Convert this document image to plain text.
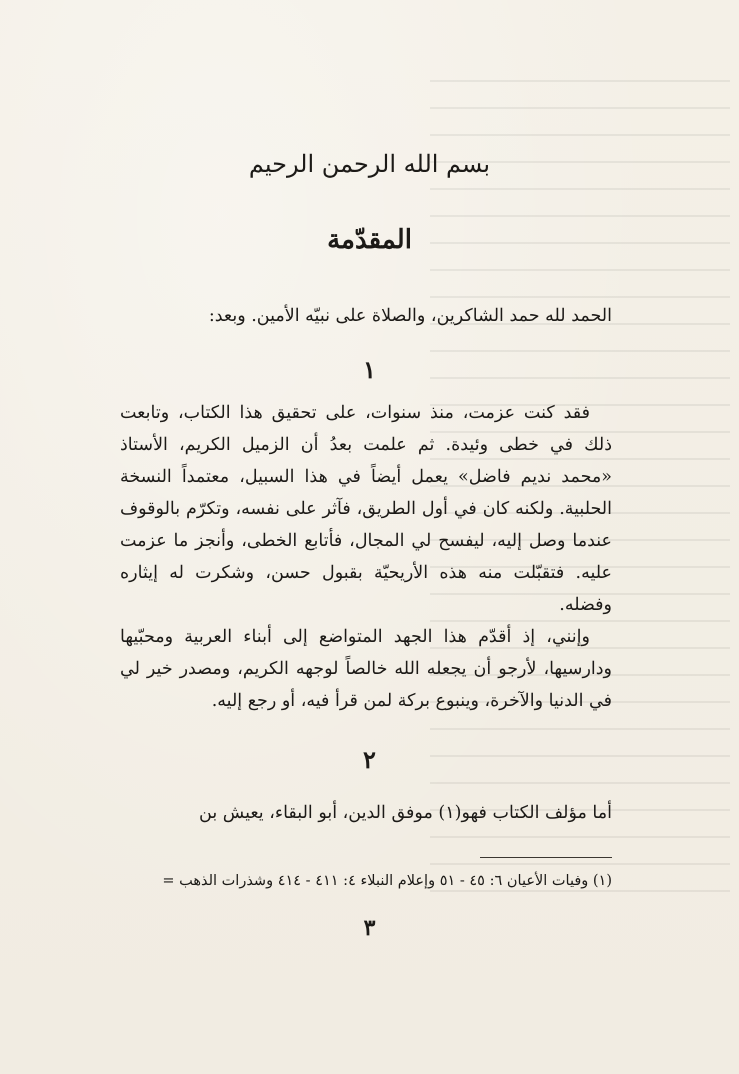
بسم الله الرحمن الرحيم
المقدّمة

الحمد لله حمد الشاكرين، والصلاة على نبيّه الأمين. وبعد:

١

فقد كنت عزمت، منذ سنوات، على تحقيق هذا الكتاب، وتابعت ذلك في خطى وئيدة. ثم علمت بعدُ أن الزميل الكريم، الأستاذ «محمد نديم فاضل» يعمل أيضاً في هذا السبيل، معتمداً النسخة الحلبية. ولكنه كان في أول الطريق، فآثر على نفسه، وتكرّم بالوقوف عندما وصل إليه، ليفسح لي المجال، فأتابع الخطى، وأنجز ما عزمت عليه. فتقبّلت منه هذه الأريحيّة بقبول حسن، وشكرت له إيثاره وفضله.

وإنني، إذ أقدّم هذا الجهد المتواضع إلى أبناء العربية ومحبّيها ودارسيها، لأرجو أن يجعله الله خالصاً لوجهه الكريم، ومصدر خير لي في الدنيا والآخرة، وينبوع بركة لمن قرأ فيه، أو رجع إليه.

٢

أما مؤلف الكتاب فهو(١) موفق الدين، أبو البقاء، يعيش بن

(١) وفيات الأعيان ٦: ٤٥ - ٥١ وإعلام النبلاء ٤: ٤١١ - ٤١٤ وشذرات الذهب =
٣
